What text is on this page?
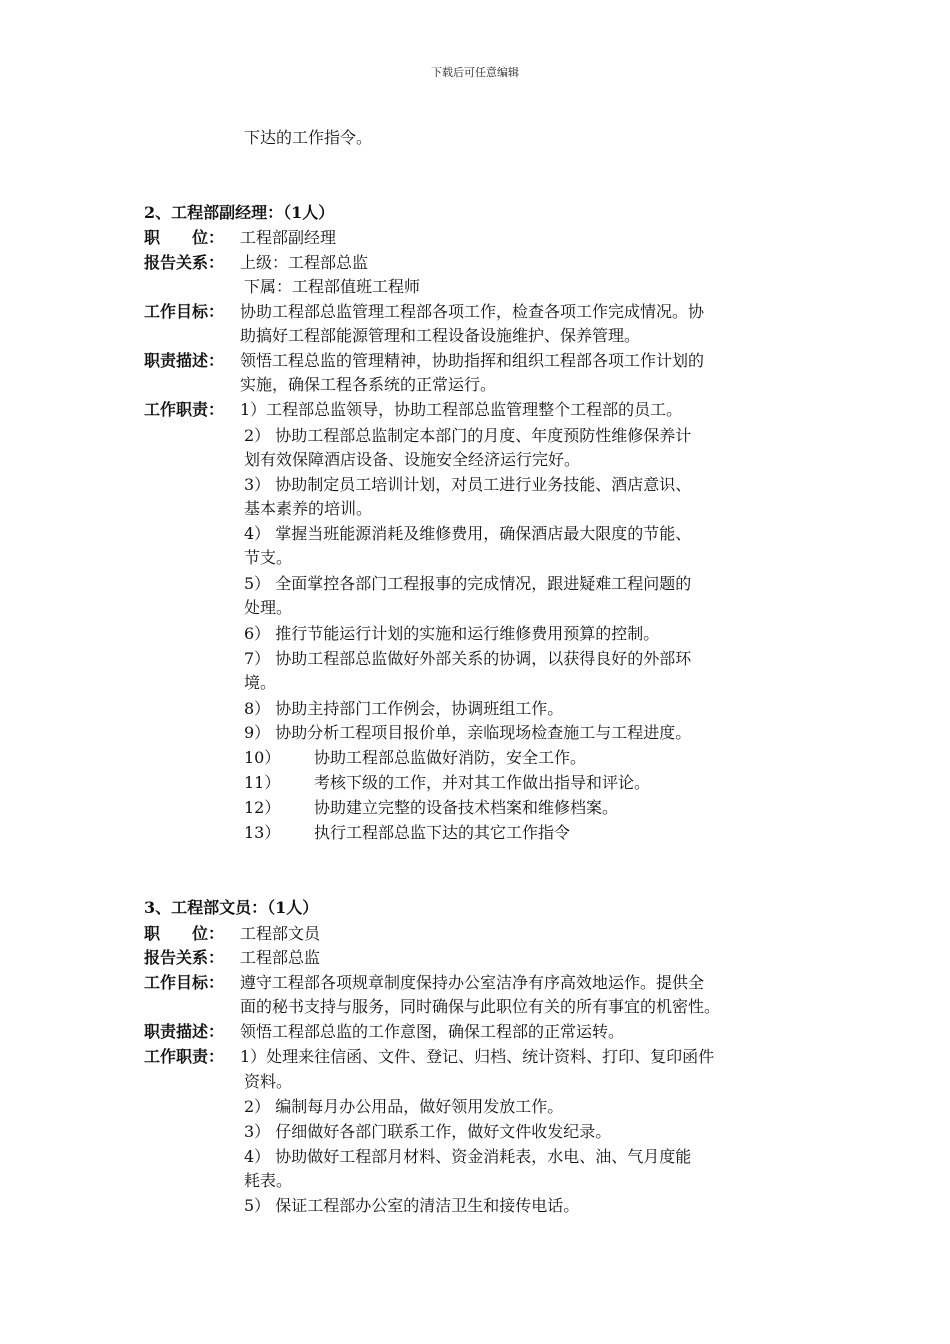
下载后可任意编辑
下达的工作指令。
2、工程部副经理：（1人）
职　　位： 工程部副经理
报告关系： 上级：工程部总监
下属：工程部值班工程师
工作目标： 协助工程部总监管理工程部各项工作，检查各项工作完成情况。协
助搞好工程部能源管理和工程设备设施维护、保养管理。
职责描述： 领悟工程总监的管理精神，协助指挥和组织工程部各项工作计划的
实施，确保工程各系统的正常运行。
工作职责： 1）工程部总监领导，协助工程部总监管理整个工程部的员工。
2） 协助工程部总监制定本部门的月度、年度预防性维修保养计
划有效保障酒店设备、设施安全经济运行完好。
3） 协助制定员工培训计划，对员工进行业务技能、酒店意识、
基本素养的培训。
4） 掌握当班能源消耗及维修费用，确保酒店最大限度的节能、
节支。
5） 全面掌控各部门工程报事的完成情况，跟进疑难工程问题的
处理。
6） 推行节能运行计划的实施和运行维修费用预算的控制。
7） 协助工程部总监做好外部关系的协调，以获得良好的外部环
境。
8） 协助主持部门工作例会，协调班组工作。
9） 协助分析工程项目报价单，亲临现场检查施工与工程进度。
10） 协助工程部总监做好消防，安全工作。
11） 考核下级的工作，并对其工作做出指导和评论。
12） 协助建立完整的设备技术档案和维修档案。
13） 执行工程部总监下达的其它工作指令
3、工程部文员：（1人）
职　　位： 工程部文员
报告关系： 工程部总监
工作目标： 遵守工程部各项规章制度保持办公室洁净有序高效地运作。提供全
面的秘书支持与服务，同时确保与此职位有关的所有事宜的机密性。
职责描述： 领悟工程部总监的工作意图，确保工程部的正常运转。
工作职责： 1）处理来往信函、文件、登记、归档、统计资料、打印、复印函件
资料。
2） 编制每月办公用品，做好领用发放工作。
3） 仔细做好各部门联系工作，做好文件收发纪录。
4） 协助做好工程部月材料、资金消耗表，水电、油、气月度能
耗表。
5） 保证工程部办公室的清洁卫生和接传电话。
